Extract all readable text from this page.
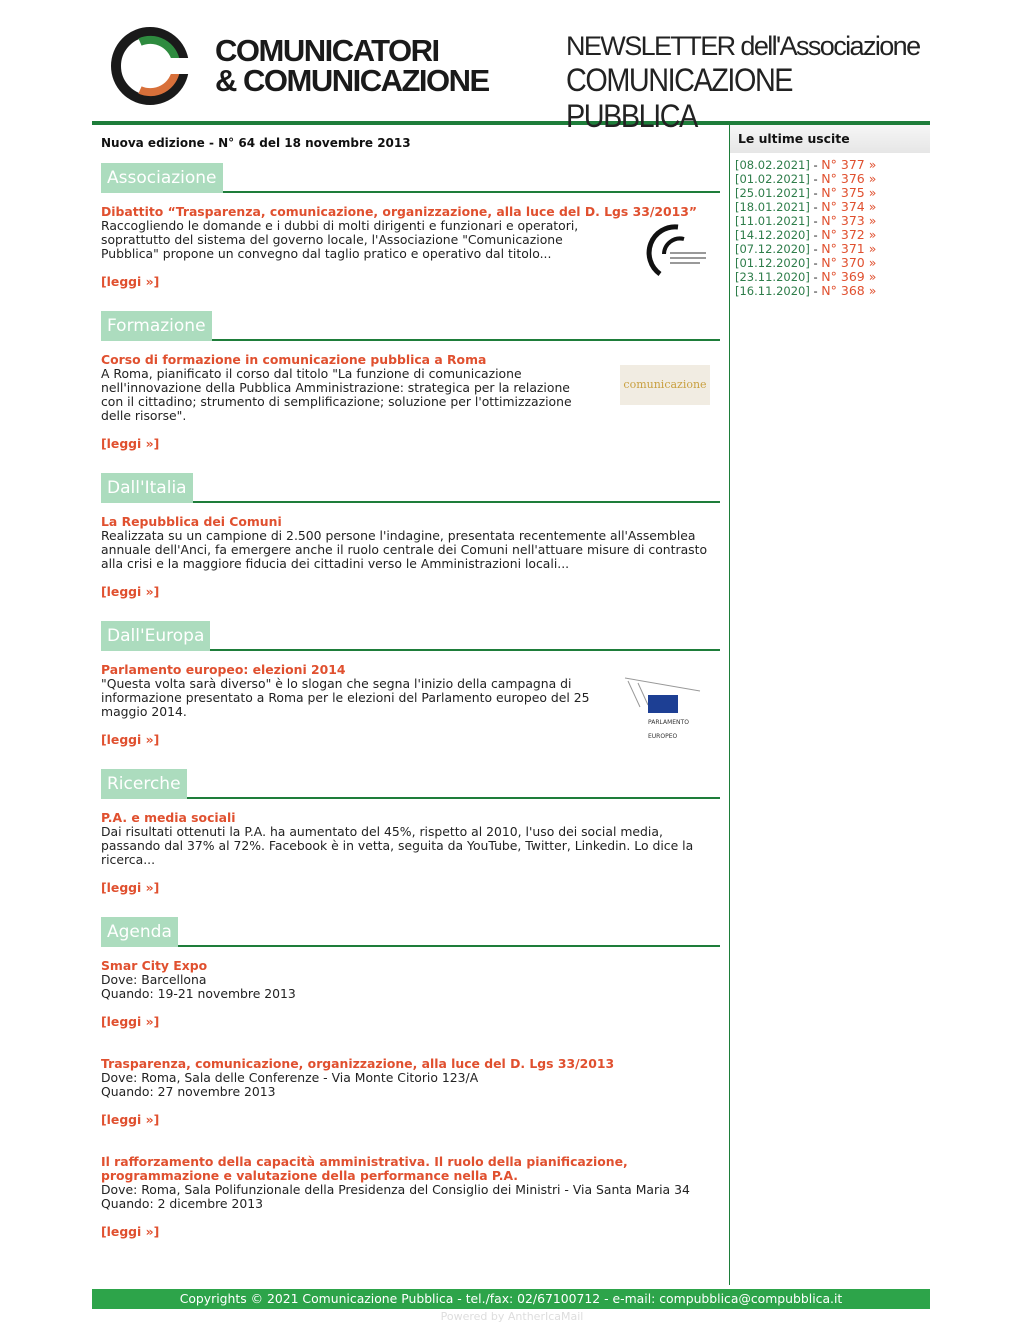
COMUNICATORI
& COMUNICAZIONE
NEWSLETTER dell'Associazione
COMUNICAZIONE PUBBLICA
Nuova edizione - N° 64 del 18 novembre 2013
Associazione
Dibattito “Trasparenza, comunicazione, organizzazione, alla luce del D. Lgs 33/2013”
Raccogliendo le domande e i dubbi di molti dirigenti e funzionari e operatori, soprattutto del sistema del governo locale, l'Associazione "Comunicazione Pubblica" propone un convegno dal taglio pratico e operativo dal titolo...
[leggi »]
Formazione
comunicazione
Corso di formazione in comunicazione pubblica a Roma
A Roma, pianificato il corso dal titolo "La funzione di comunicazione nell'innovazione della Pubblica Amministrazione: strategica per la relazione con il cittadino; strumento di semplificazione; soluzione per l'ottimizzazione delle risorse".
[leggi »]
Dall'Italia
La Repubblica dei Comuni
Realizzata su un campione di 2.500 persone l'indagine, presentata recentemente all'Assemblea annuale dell'Anci, fa emergere anche il ruolo centrale dei Comuni nell'attuare misure di contrasto alla crisi e la maggiore fiducia dei cittadini verso le Amministrazioni locali...
[leggi »]
Dall'Europa
PARLAMENTO EUROPEO
Parlamento europeo: elezioni 2014
"Questa volta sarà diverso" è lo slogan che segna l'inizio della campagna di informazione presentato a Roma per le elezioni del Parlamento europeo del 25 maggio 2014.
[leggi »]
Ricerche
P.A. e media sociali
Dai risultati ottenuti la P.A. ha aumentato del 45%, rispetto al 2010, l'uso dei social media, passando dal 37% al 72%. Facebook è in vetta, seguita da YouTube, Twitter, Linkedin. Lo dice la ricerca...
[leggi »]
Agenda
Smar City Expo
Dove: Barcellona
Quando: 19-21 novembre 2013
[leggi »]
Trasparenza, comunicazione, organizzazione, alla luce del D. Lgs 33/2013
Dove: Roma, Sala delle Conferenze - Via Monte Citorio 123/A
Quando: 27 novembre 2013
[leggi »]
Il rafforzamento della capacità amministrativa. Il ruolo della pianificazione, programmazione e valutazione della performance nella P.A.
Dove: Roma, Sala Polifunzionale della Presidenza del Consiglio dei Ministri - Via Santa Maria 34
Quando: 2 dicembre 2013
[leggi »]
Le ultime uscite
[08.02.2021] - N° 377 »
[01.02.2021] - N° 376 »
[25.01.2021] - N° 375 »
[18.01.2021] - N° 374 »
[11.01.2021] - N° 373 »
[14.12.2020] - N° 372 »
[07.12.2020] - N° 371 »
[01.12.2020] - N° 370 »
[23.11.2020] - N° 369 »
[16.11.2020] - N° 368 »
Copyrights © 2021 Comunicazione Pubblica - tel./fax: 02/67100712 - e-mail: compubblica@compubblica.it
Powered by AntherIcaMail
